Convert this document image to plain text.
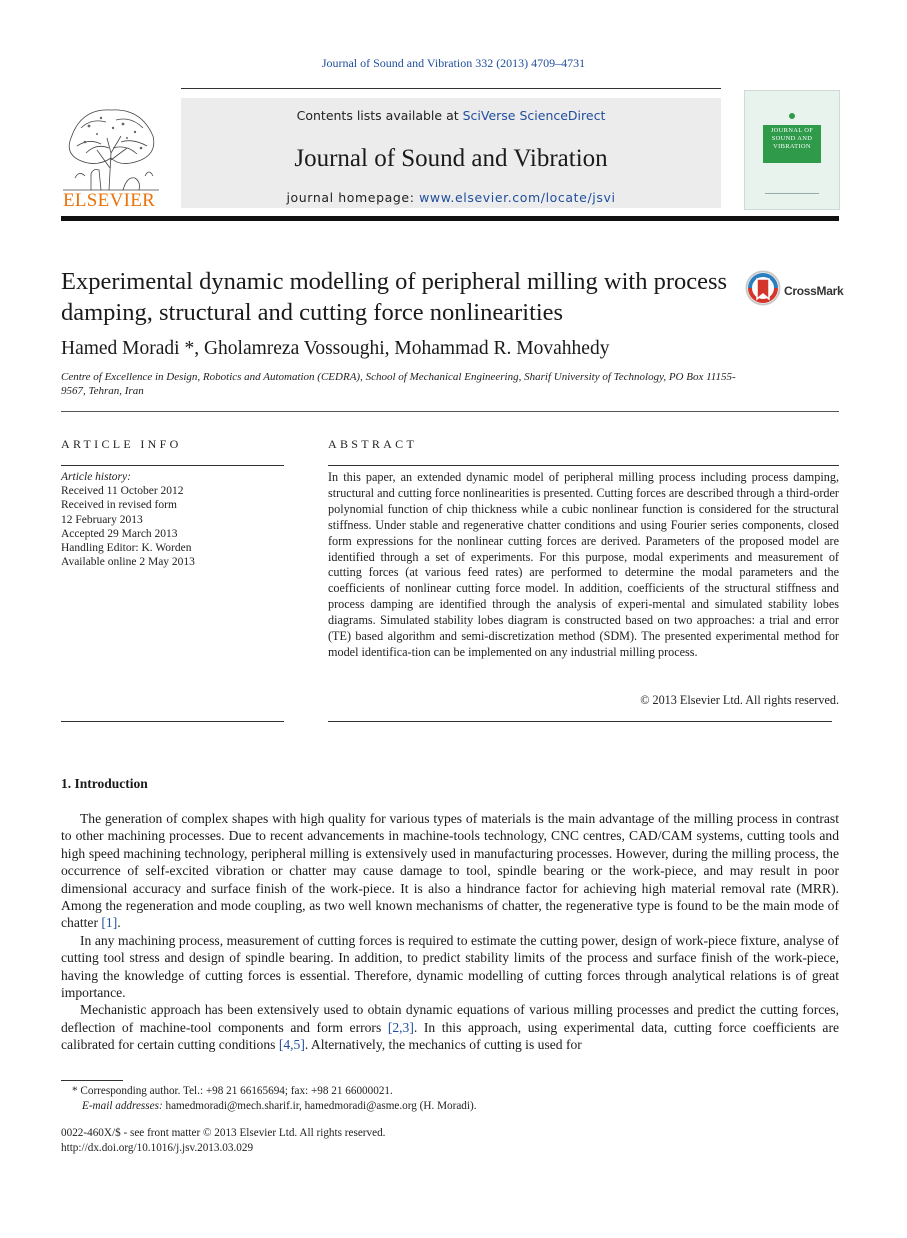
Journal of Sound and Vibration 332 (2013) 4709–4731
ELSEVIER
Contents lists available at SciVerse ScienceDirect
Journal of Sound and Vibration
journal homepage: www.elsevier.com/locate/jsvi
JOURNAL OF SOUND AND VIBRATION
Experimental dynamic modelling of peripheral milling with process damping, structural and cutting force nonlinearities
CrossMark
Hamed Moradi *, Gholamreza Vossoughi, Mohammad R. Movahhedy
Centre of Excellence in Design, Robotics and Automation (CEDRA), School of Mechanical Engineering, Sharif University of Technology, PO Box 11155-9567, Tehran, Iran
ARTICLE INFO
Article history:
Received 11 October 2012
Received in revised form
12 February 2013
Accepted 29 March 2013
Handling Editor: K. Worden
Available online 2 May 2013
ABSTRACT
In this paper, an extended dynamic model of peripheral milling process including process damping, structural and cutting force nonlinearities is presented. Cutting forces are described through a third-order polynomial function of chip thickness while a cubic nonlinear function is considered for the structural stiffness. Under stable and regenerative chatter conditions and using Fourier series components, closed form expressions for the nonlinear cutting forces are derived. Parameters of the proposed model are identified through a set of experiments. For this purpose, modal experiments and measurement of cutting forces (at various feed rates) are performed to determine the modal parameters and the coefficients of nonlinear cutting force model. In addition, coefficients of the structural stiffness and process damping are identified through the analysis of experi-mental and simulated stability lobes diagrams. Simulated stability lobes diagram is constructed based on two approaches: a trial and error (TE) based algorithm and semi-discretization method (SDM). The presented experimental method for model identifica-tion can be implemented on any industrial milling process.
© 2013 Elsevier Ltd. All rights reserved.
1. Introduction

The generation of complex shapes with high quality for various types of materials is the main advantage of the milling process in contrast to other machining processes. Due to recent advancements in machine-tools technology, CNC centres, CAD/CAM systems, cutting tools and high speed machining technology, peripheral milling is extensively used in manufacturing processes. However, during the milling process, the occurrence of self-excited vibration or chatter may cause damage to tool, spindle bearing or the work-piece, and may result in poor dimensional accuracy and surface finish of the work-piece. It is also a hindrance factor for achieving high material removal rate (MRR). Among the regeneration and mode coupling, as two well known mechanisms of chatter, the regenerative type is found to be the main mode of chatter [1].

In any machining process, measurement of cutting forces is required to estimate the cutting power, design of work-piece fixture, analyse of cutting tool stress and design of spindle bearing. In addition, to predict stability limits of the process and surface finish of the work-piece, having the knowledge of cutting forces is essential. Therefore, dynamic modelling of cutting forces through analytical relations is of great importance.

Mechanistic approach has been extensively used to obtain dynamic equations of various milling processes and predict the cutting forces, deflection of machine-tool components and form errors [2,3]. In this approach, using experimental data, cutting force coefficients are calibrated for certain cutting conditions [4,5]. Alternatively, the mechanics of cutting is used for

* Corresponding author. Tel.: +98 21 66165694; fax: +98 21 66000021.
E-mail addresses: hamedmoradi@mech.sharif.ir, hamedmoradi@asme.org (H. Moradi).
0022-460X/$ - see front matter © 2013 Elsevier Ltd. All rights reserved.
http://dx.doi.org/10.1016/j.jsv.2013.03.029
